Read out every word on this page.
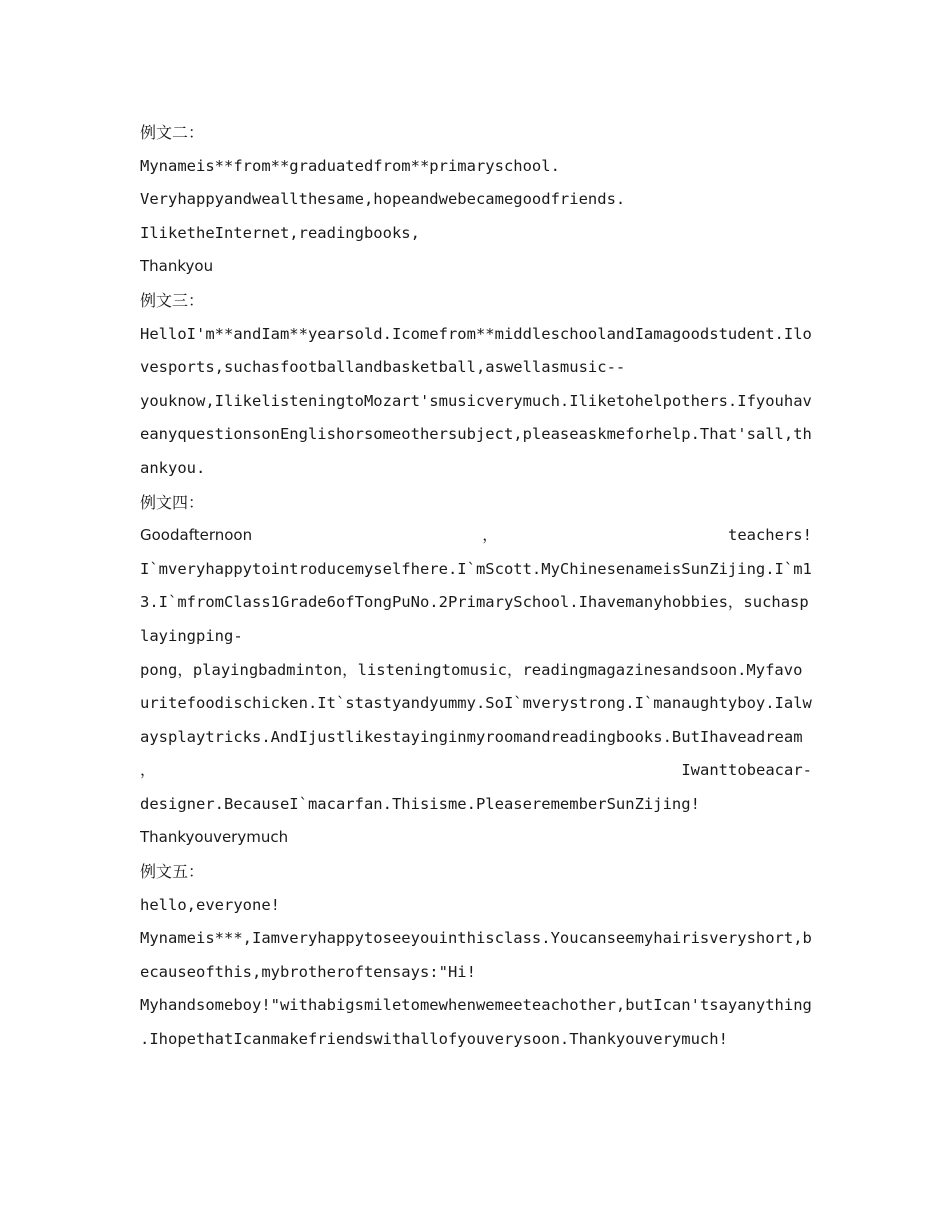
例文二：
Mynameis**from**graduatedfrom**primaryschool.
Veryhappyandweallthesame,hopeandwebecamegoodfriends.
IliketheInternet,readingbooks,
Thankyou
例文三：
HelloI'm**andIam**yearsold.Icomefrom**middleschoolandIamagoodstudent.Ilo
vesports,suchasfootballandbasketball,aswellasmusic--
youknow,IlikelisteningtoMozart'smusicverymuch.Iliketohelpothers.Ifyouhav
eanyquestionsonEnglishorsomeothersubject,pleaseaskmeforhelp.That'sall,th
ankyou.
例文四：
Goodafternoon	，	teachers!
I`mveryhappytointroducemyselfhere.I`mScott.MyChinesenameisSunZijing.I`m1
3.I`mfromClass1Grade6ofTongPuNo.2PrimarySchool.Ihavemanyhobbies，suchasp
layingping-
pong，playingbadminton，listeningtomusic，readingmagazinesandsoon.Myfavo
uritefoodischicken.It`stastyandyummy.SoI`mverystrong.I`manaughtyboy.Ialw
aysplaytricks.AndIjustlikestayinginmyroomandreadingbooks.ButIhaveadream
，	Iwanttobeacar-
designer.BecauseI`macarfan.Thisisme.PleaserememberSunZijing!
Thankyouverymuch
例文五：
hello,everyone!
Mynameis***,Iamveryhappytoseeyouinthisclass.Youcanseemyhairisveryshort,b
ecauseofthis,mybrotheroftensays:"Hi!
Myhandsomeboy!"withabigsmiletomewhenwemeeteachother,butIcan'tsayanything
.IhopethatIcanmakefriendswithallofyouverysoon.Thankyouverymuch!
